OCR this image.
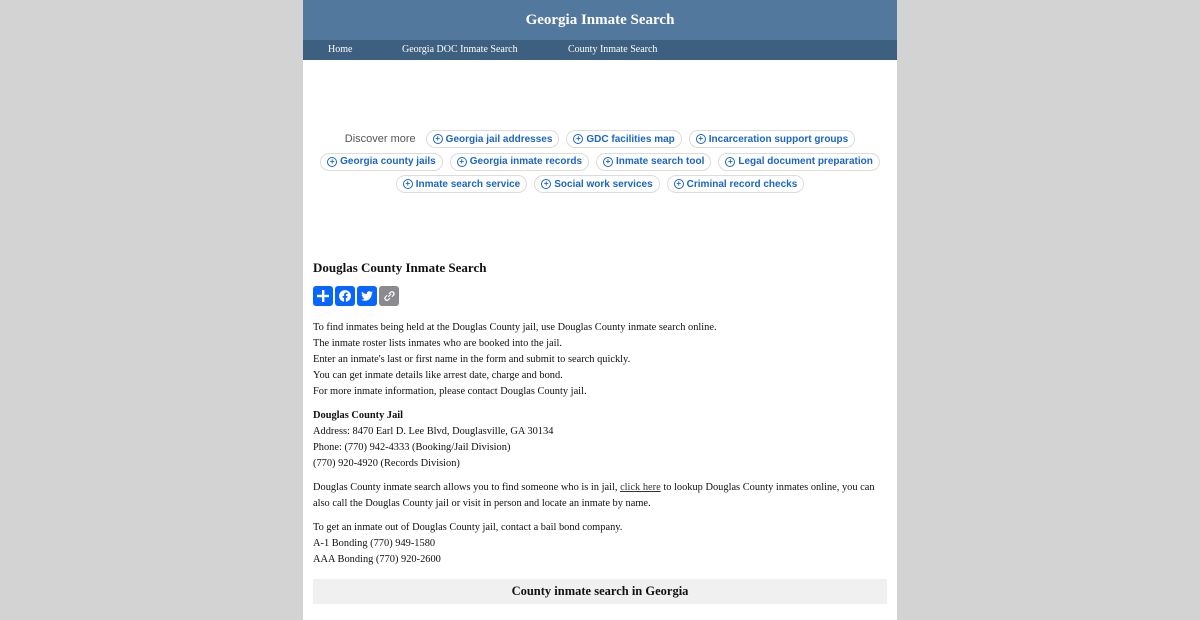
Georgia Inmate Search
Home	Georgia DOC Inmate Search	County Inmate Search
Discover more	+ Georgia jail addresses	+ GDC facilities map	+ Incarceration support groups
+ Georgia county jails	+ Georgia inmate records	+ Inmate search tool	+ Legal document preparation
+ Inmate search service	+ Social work services	+ Criminal record checks
Douglas County Inmate Search

To find inmates being held at the Douglas County jail, use Douglas County inmate search online.

The inmate roster lists inmates who are booked into the jail.

Enter an inmate's last or first name in the form and submit to search quickly.

You can get inmate details like arrest date, charge and bond.

For more inmate information, please contact Douglas County jail.

Douglas County Jail

Address: 8470 Earl D. Lee Blvd, Douglasville, GA 30134

Phone: (770) 942-4333 (Booking/Jail Division)

(770) 920-4920 (Records Division)

Douglas County inmate search allows you to find someone who is in jail, click here to lookup Douglas County inmates online, you can also call the Douglas County jail or visit in person and locate an inmate by name.

To get an inmate out of Douglas County jail, contact a bail bond company.

A-1 Bonding (770) 949-1580

AAA Bonding (770) 920-2600

County inmate search in Georgia
